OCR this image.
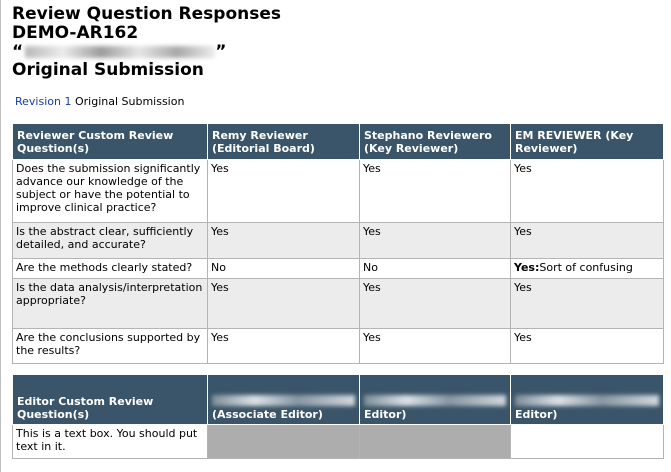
Review Question Responses
DEMO-AR162
“	”
Original Submission
Revision 1 Original Submission
Reviewer Custom Review Question(s)	Remy Reviewer (Editorial Board)	Stephano Reviewero (Key Reviewer)	EM REVIEWER (Key Reviewer)
Does the submission significantly advance our knowledge of the subject or have the potential to improve clinical practice?	Yes	Yes	Yes
Is the abstract clear, sufficiently detailed, and accurate?	Yes	Yes	Yes
Are the methods clearly stated?	No	No	Yes:Sort of confusing
Is the data analysis/interpretation appropriate?	Yes	Yes	Yes
Are the conclusions supported by the results?	Yes	Yes	Yes
Editor Custom Review Question(s)	(Associate Editor)	Editor)	Editor)
This is a text box. You should put text in it.			
